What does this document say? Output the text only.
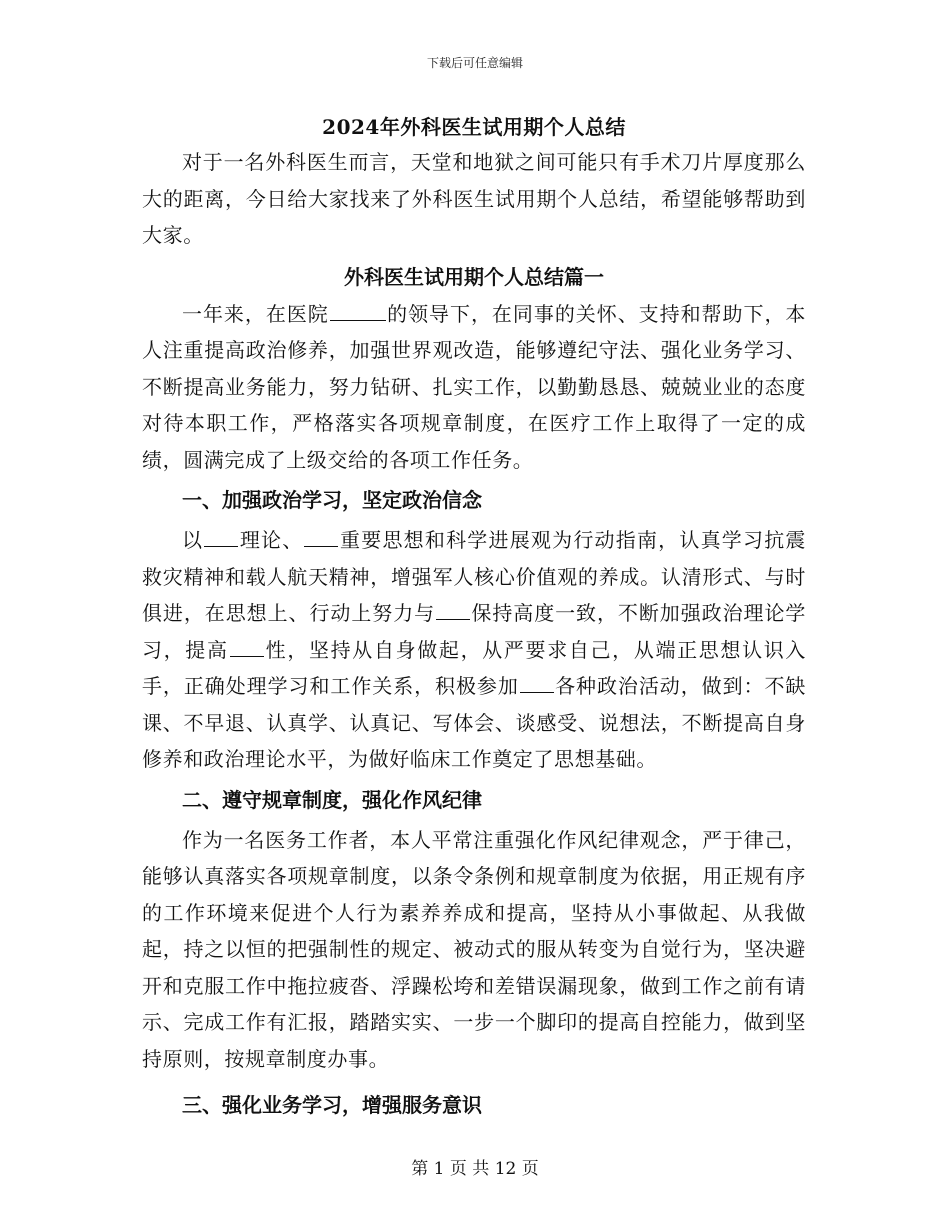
下载后可任意编辑
2024年外科医生试用期个人总结

对于一名外科医生而言，天堂和地狱之间可能只有手术刀片厚度那么大的距离，今日给大家找来了外科医生试用期个人总结，希望能够帮助到大家。

外科医生试用期个人总结篇一

一年来，在医院	的领导下，在同事的关怀、支持和帮助下，本人注重提高政治修养，加强世界观改造，能够遵纪守法、强化业务学习、不断提高业务能力，努力钻研、扎实工作，以勤勤恳恳、兢兢业业的态度对待本职工作，严格落实各项规章制度，在医疗工作上取得了一定的成绩，圆满完成了上级交给的各项工作任务。

一、加强政治学习，坚定政治信念

以 理论、 重要思想和科学进展观为行动指南，认真学习抗震救灾精神和载人航天精神，增强军人核心价值观的养成。认清形式、与时俱进，在思想上、行动上努力与 保持高度一致，不断加强政治理论学习，提高 性，坚持从自身做起，从严要求自己，从端正思想认识入手，正确处理学习和工作关系，积极参加 各种政治活动，做到：不缺课、不早退、认真学、认真记、写体会、谈感受、说想法，不断提高自身修养和政治理论水平，为做好临床工作奠定了思想基础。

二、遵守规章制度，强化作风纪律

作为一名医务工作者，本人平常注重强化作风纪律观念，严于律己，能够认真落实各项规章制度，以条令条例和规章制度为依据，用正规有序的工作环境来促进个人行为素养养成和提高，坚持从小事做起、从我做起，持之以恒的把强制性的规定、被动式的服从转变为自觉行为，坚决避开和克服工作中拖拉疲沓、浮躁松垮和差错误漏现象，做到工作之前有请示、完成工作有汇报，踏踏实实、一步一个脚印的提高自控能力，做到坚持原则，按规章制度办事。

三、强化业务学习，增强服务意识
第 1 页 共 12 页
